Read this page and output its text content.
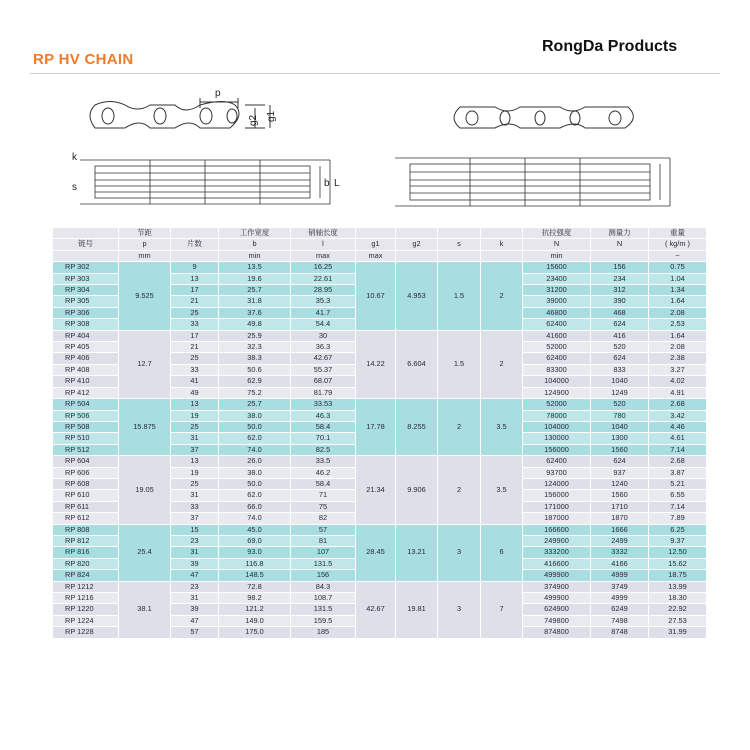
RP HV CHAIN
RongDa Products
p
g2 g1
k
s	b L
	节距		工作宽度	销轴长度					抗拉强度	测量力	重量
链号	p	片数	b	l	g1	g2	s	k	N	N	( kg/m )
	mm		min	max	max				min		~
RP 302	9.525	9	13.5	16.25	10.67	4.953	1.5	2	15600	156	0.75
RP 303		13	19.6	22.61					23400	234	1.04
RP 304		17	25.7	28.95					31200	312	1.34
RP 305		21	31.8	35.3					39000	390	1.64
RP 306		25	37.6	41.7					46800	468	2.08
RP 308		33	49.8	54.4					62400	624	2.53
RP 404	12.7	17	25.9	30	14.22	6.604	1.5	2	41600	416	1.64
RP 405		21	32.3	36.3					52000	520	2.08
RP 406		25	38.3	42.67					62400	624	2.38
RP 408		33	50.6	55.37					83300	833	3.27
RP 410		41	62.9	68.07					104000	1040	4.02
RP 412		49	75.2	81.79					124900	1249	4.91
RP 504	15.875	13	25.7	33.53	17.78	8.255	2	3.5	52000	520	2.68
RP 506		19	38.0	46.3					78000	780	3.42
RP 508		25	50.0	58.4					104000	1040	4.46
RP 510		31	62.0	70.1					130000	1300	4.61
RP 512		37	74.0	82.5					156000	1560	7.14
RP 604	19.05	13	26.0	33.5	21.34	9.906	2	3.5	62400	624	2.68
RP 606		19	38.0	46.2					93700	937	3.87
RP 608		25	50.0	58.4					124000	1240	5.21
RP 610		31	62.0	71					156000	1560	6.55
RP 611		33	66.0	75					171000	1710	7.14
RP 612		37	74.0	82					187000	1870	7.89
RP 808	25.4	15	45.0	57	28.45	13.21	3	6	166600	1666	6.25
RP 812		23	69.0	81					249900	2499	9.37
RP 816		31	93.0	107					333200	3332	12.50
RP 820		39	116.8	131.5					416600	4166	15.62
RP 824		47	148.5	156					499900	4999	18.75
RP 1212	38.1	23	72.8	84.3	42.67	19.81	3	7	374900	3749	13.99
RP 1216		31	98.2	108.7					499900	4999	18.30
RP 1220		39	121.2	131.5					624900	6249	22.92
RP 1224		47	149.0	159.5					749800	7498	27.53
RP 1228		57	175.0	185					874800	8748	31.99
